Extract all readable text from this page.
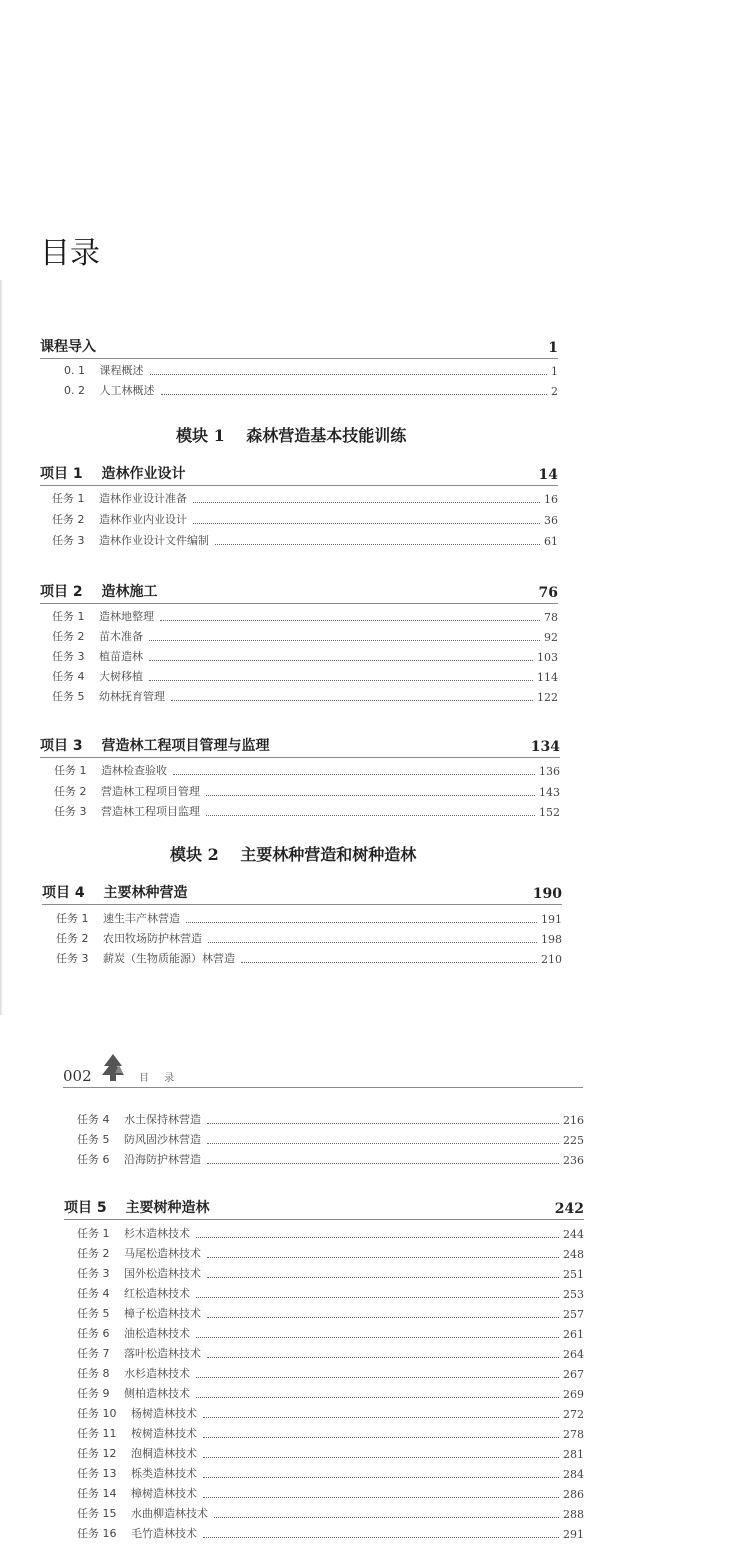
目录
课程导入	1
0. 1　 课程概述	1
0. 2　 人工林概述	2
模块 1　 森林营造基本技能训练
项目 1　 造林作业设计	14
任务 1　 造林作业设计准备	16
任务 2　 造林作业内业设计	36
任务 3　 造林作业设计文件编制	61
项目 2　 造林施工	76
任务 1　 造林地整理	78
任务 2　 苗木准备	92
任务 3　 植苗造林	103
任务 4　 大树移植	114
任务 5　 幼林抚育管理	122
项目 3　 营造林工程项目管理与监理	134
任务 1　 造林检查验收	136
任务 2　 营造林工程项目管理	143
任务 3　 营造林工程项目监理	152
模块 2　 主要林种营造和树种造林
项目 4　 主要林种营造	190
任务 1　 速生丰产林营造	191
任务 2　 农田牧场防护林营造	198
任务 3　 薪炭（生物质能源）林营造	210
002	目 录
任务 4　 水土保持林营造	216
任务 5　 防风固沙林营造	225
任务 6　 沿海防护林营造	236
项目 5　 主要树种造林	242
任务 1　 杉木造林技术	244
任务 2　 马尾松造林技术	248
任务 3　 国外松造林技术	251
任务 4　 红松造林技术	253
任务 5　 樟子松造林技术	257
任务 6　 油松造林技术	261
任务 7　 落叶松造林技术	264
任务 8　 水杉造林技术	267
任务 9　 侧柏造林技术	269
任务 10　 杨树造林技术	272
任务 11　 桉树造林技术	278
任务 12　 泡桐造林技术	281
任务 13　 栎类造林技术	284
任务 14　 樟树造林技术	286
任务 15　 水曲柳造林技术	288
任务 16　 毛竹造林技术	291
